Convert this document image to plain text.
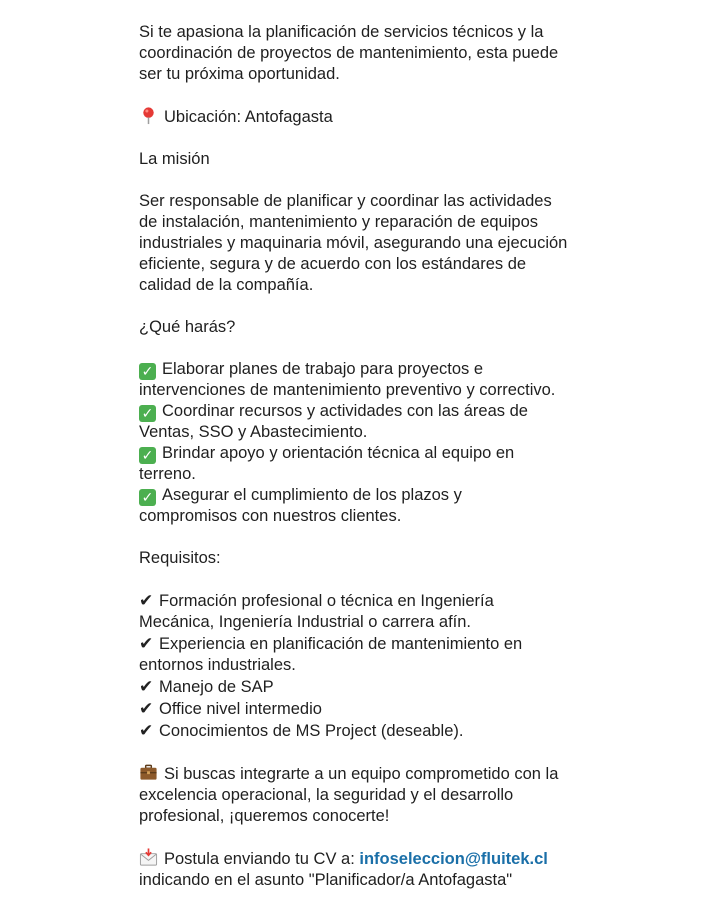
Si te apasiona la planificación de servicios técnicos y la
coordinación de proyectos de mantenimiento, esta puede
ser tu próxima oportunidad.

Ubicación: Antofagasta

La misión

Ser responsable de planificar y coordinar las actividades
de instalación, mantenimiento y reparación de equipos
industriales y maquinaria móvil, asegurando una ejecución
eficiente, segura y de acuerdo con los estándares de
calidad de la compañía.

¿Qué harás?

✓ Elaborar planes de trabajo para proyectos e
intervenciones de mantenimiento preventivo y correctivo.
✓ Coordinar recursos y actividades con las áreas de
Ventas, SSO y Abastecimiento.
✓ Brindar apoyo y orientación técnica al equipo en
terreno.
✓ Asegurar el cumplimiento de los plazos y
compromisos con nuestros clientes.

Requisitos:

✔ Formación profesional o técnica en Ingeniería
Mecánica, Ingeniería Industrial o carrera afín.
✔ Experiencia en planificación de mantenimiento en
entornos industriales.
✔ Manejo de SAP
✔ Office nivel intermedio
✔ Conocimientos de MS Project (deseable).

Si buscas integrarte a un equipo comprometido con la
excelencia operacional, la seguridad y el desarrollo
profesional, ¡queremos conocerte!

Postula enviando tu CV a: infoseleccion@fluitek.cl
indicando en el asunto "Planificador/a Antofagasta"
